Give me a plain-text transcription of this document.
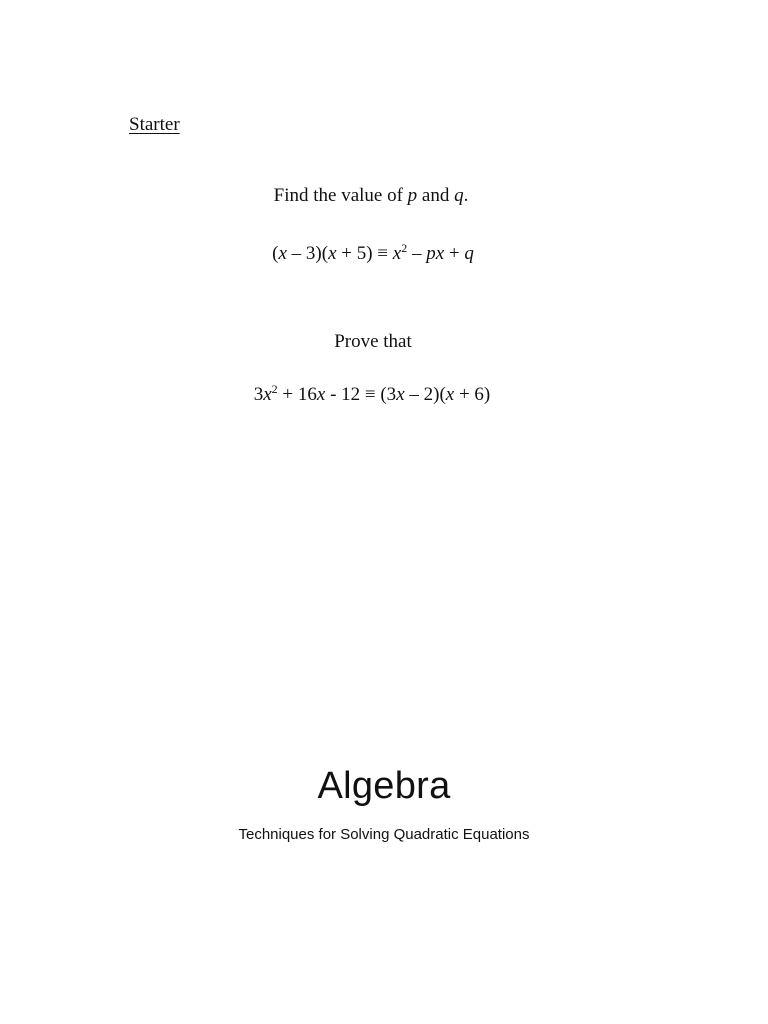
Starter
Find the value of p and q.
$(x - 3)(x + 5) \equiv x^2$ – px + q
Prove that
$3x^2 + 16x - 12 \equiv (3x - 2)(x + 6)$
Algebra
Techniques for Solving Quadratic Equations
